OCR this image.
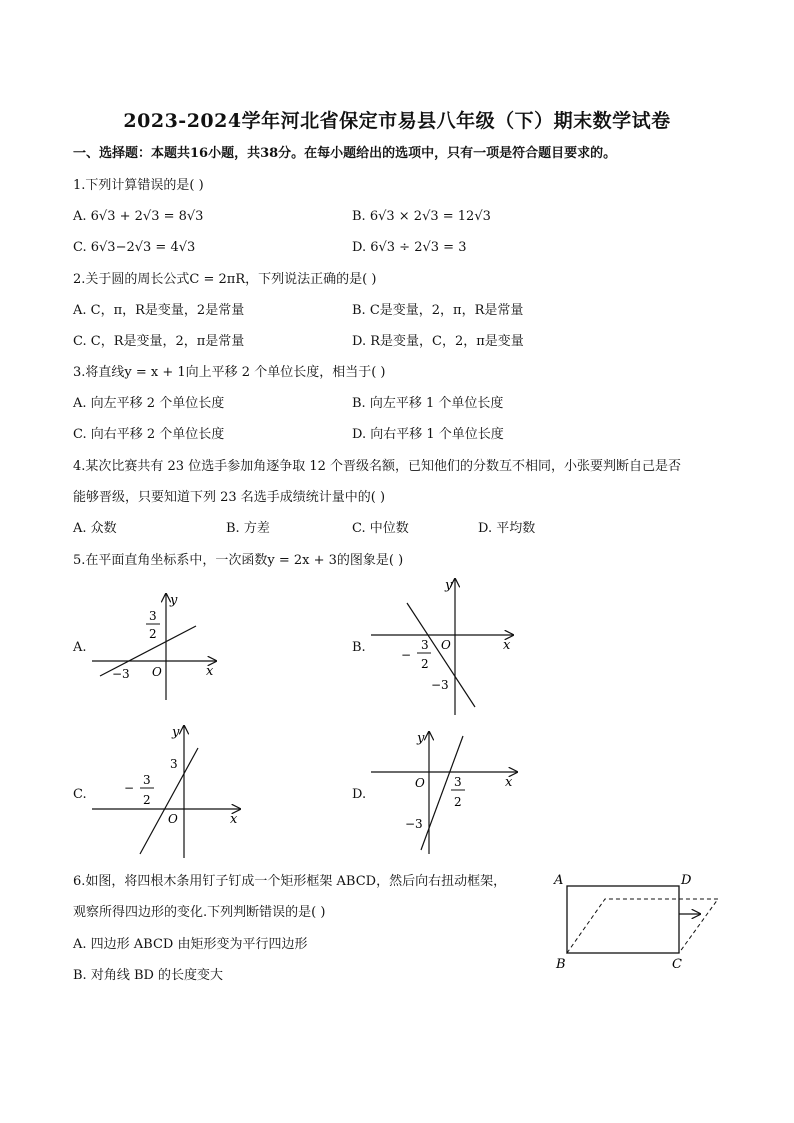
2023-2024学年河北省保定市易县八年级（下）期末数学试卷
一、选择题：本题共16小题，共38分。在每小题给出的选项中，只有一项是符合题目要求的。
1.下列计算错误的是( )
A. 6√3 + 2√3 = 8√3	B. 6√3 × 2√3 = 12√3
C. 6√3−2√3 = 4√3	D. 6√3 ÷ 2√3 = 3
2.关于圆的周长公式C = 2πR，下列说法正确的是( )
A. C，π，R是变量，2是常量	B. C是变量，2，π，R是常量
C. C，R是变量，2，π是常量	D. R是变量，C，2，π是变量
3.将直线y = x + 1向上平移 2 个单位长度，相当于( )
A. 向左平移 2 个单位长度	B. 向左平移 1 个单位长度
C. 向右平移 2 个单位长度	D. 向右平移 1 个单位长度
4.某次比赛共有 23 位选手参加角逐争取 12 个晋级名额，已知他们的分数互不相同，小张要判断自己是否
能够晋级，只要知道下列 23 名选手成绩统计量中的( )
A. 众数	B. 方差	C. 中位数	D. 平均数
5.在平面直角坐标系中，一次函数y = 2x + 3的图象是( )
A.	B.
C.	D.
x
y
O
3
2
−3
x
y
O
−
3
2
−3
x
y
O
−
3
2
3
x
y
O 3
2
−3
6.如图，将四根木条用钉子钉成一个矩形框架 ABCD，然后向右扭动框架，
观察所得四边形的变化.下列判断错误的是( )
A. 四边形 ABCD 由矩形变为平行四边形
B. 对角线 BD 的长度变大
A	D
B	C
